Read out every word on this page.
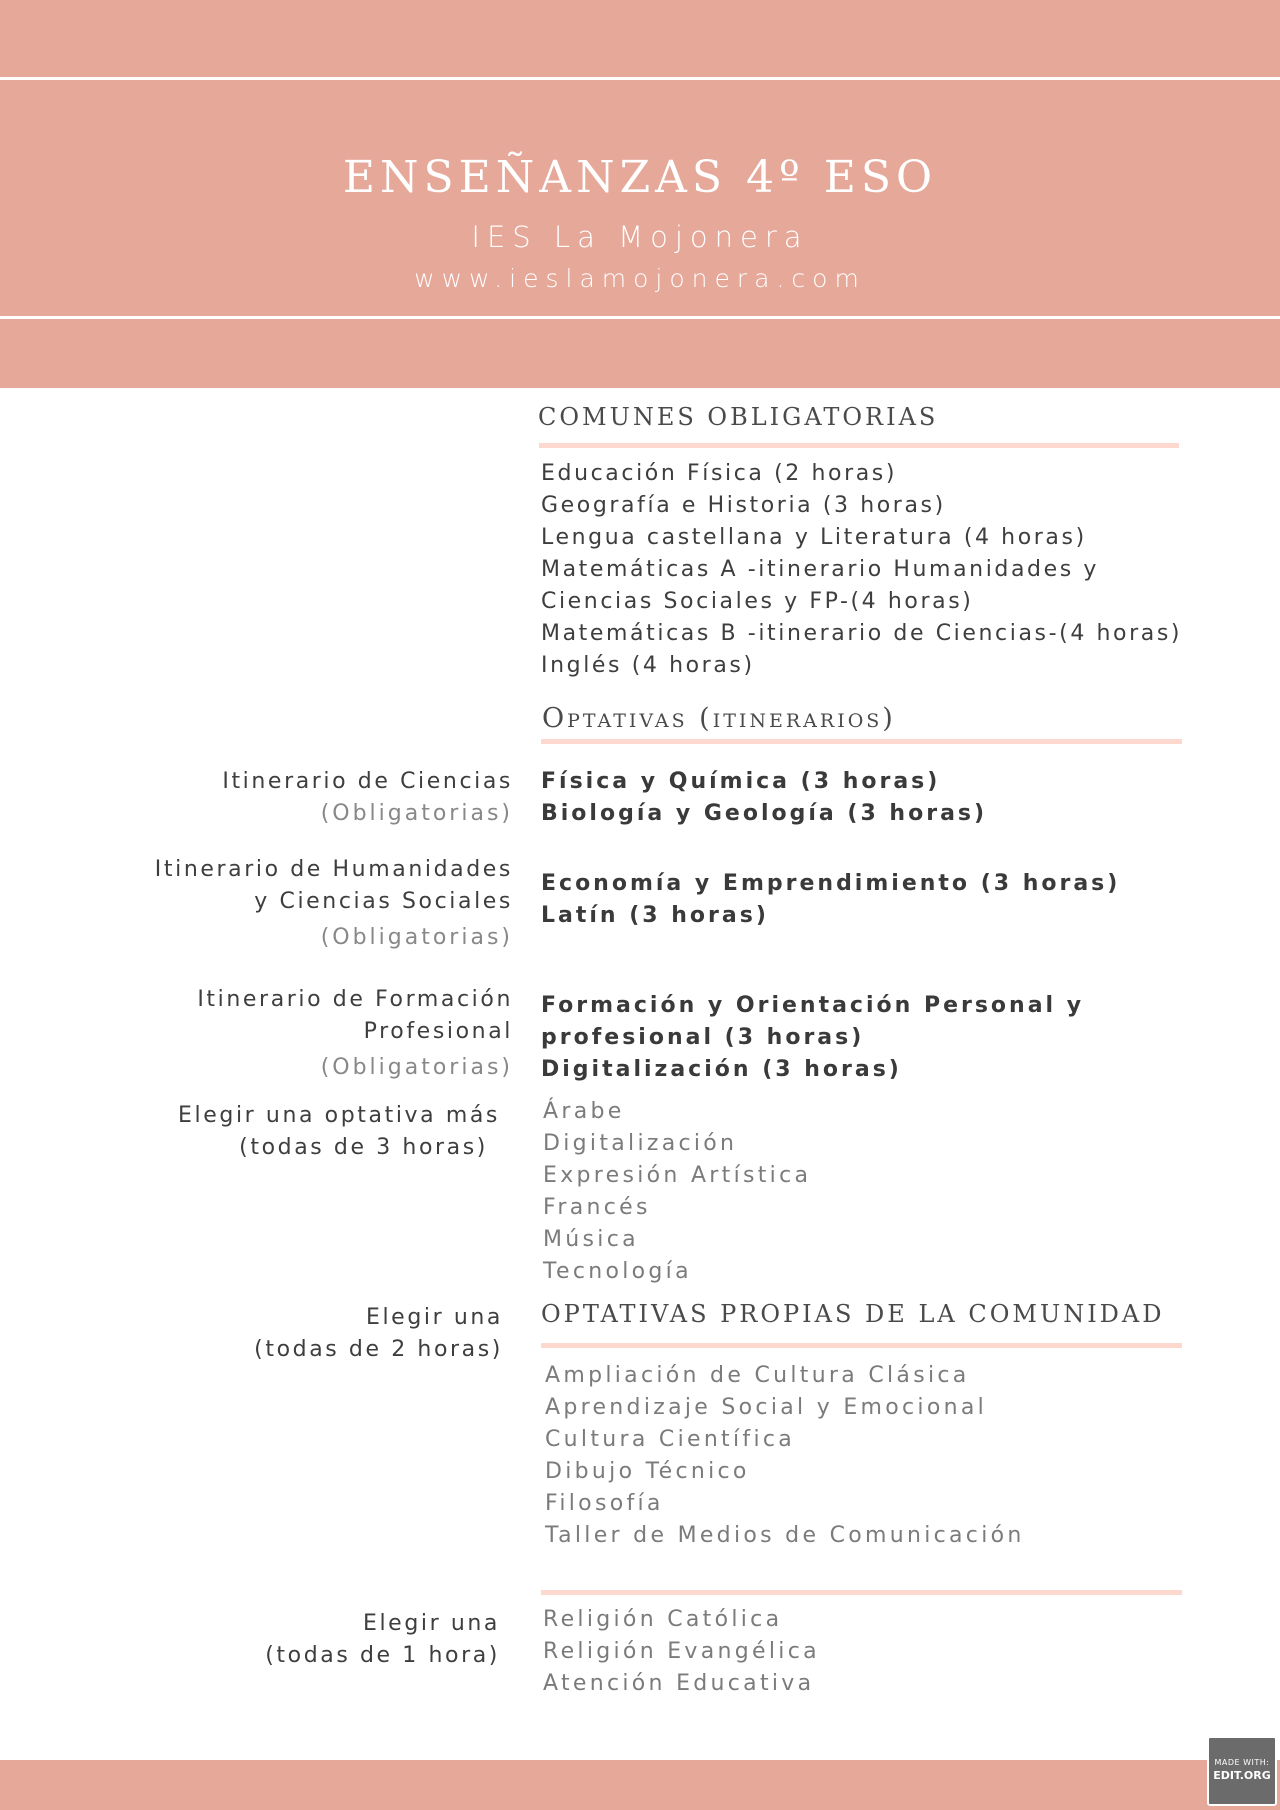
ENSEÑANZAS 4º ESO
IES La Mojonera
www.ieslamojonera.com
COMUNES OBLIGATORIAS
Educación Física (2 horas)
Geografía e Historia (3 horas)
Lengua castellana y Literatura (4 horas)
Matemáticas A -itinerario Humanidades y
Ciencias Sociales y FP-(4 horas)
Matemáticas B -itinerario de Ciencias-(4 horas)
Inglés (4 horas)
Optativas (itinerarios)
Itinerario de Ciencias
(Obligatorias)
Física y Química (3 horas)
Biología y Geología (3 horas)
Itinerario de Humanidades
y Ciencias Sociales
(Obligatorias)
Economía y Emprendimiento (3 horas)
Latín (3 horas)
Itinerario de Formación
Profesional
(Obligatorias)
Formación y Orientación Personal y
profesional (3 horas)
Digitalización (3 horas)
Elegir una optativa más
(todas de 3 horas)
Árabe
Digitalización
Expresión Artística
Francés
Música
Tecnología
OPTATIVAS PROPIAS DE LA COMUNIDAD
Elegir una
(todas de 2 horas)
Ampliación de Cultura Clásica
Aprendizaje Social y Emocional
Cultura Científica
Dibujo Técnico
Filosofía
Taller de Medios de Comunicación
Elegir una
(todas de 1 hora)
Religión Católica
Religión Evangélica
Atención Educativa
MADE WITH:
EDIT.ORG
